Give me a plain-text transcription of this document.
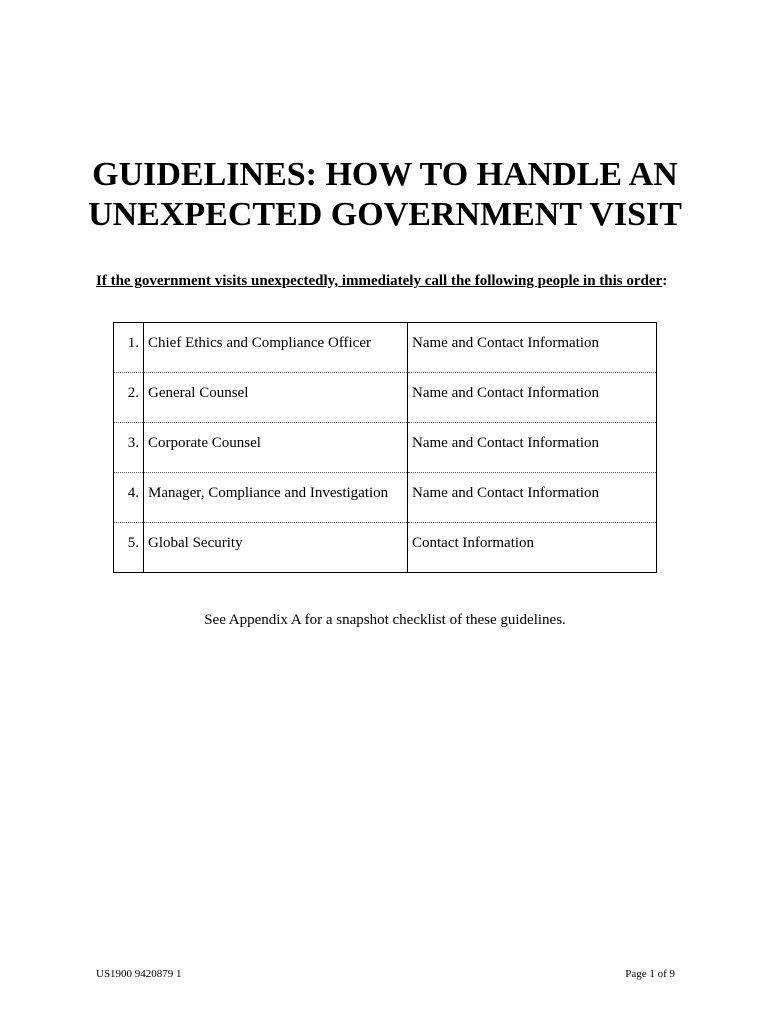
GUIDELINES: HOW TO HANDLE AN
UNEXPECTED GOVERNMENT VISIT

If the government visits unexpectedly, immediately call the following people in this order:

1.	Chief Ethics and Compliance Officer	Name and Contact Information
2.	General Counsel	Name and Contact Information
3.	Corporate Counsel	Name and Contact Information
4.	Manager, Compliance and Investigation	Name and Contact Information
5.	Global Security	Contact Information

See Appendix A for a snapshot checklist of these guidelines.

US1900 9420879 1	Page 1 of 9
